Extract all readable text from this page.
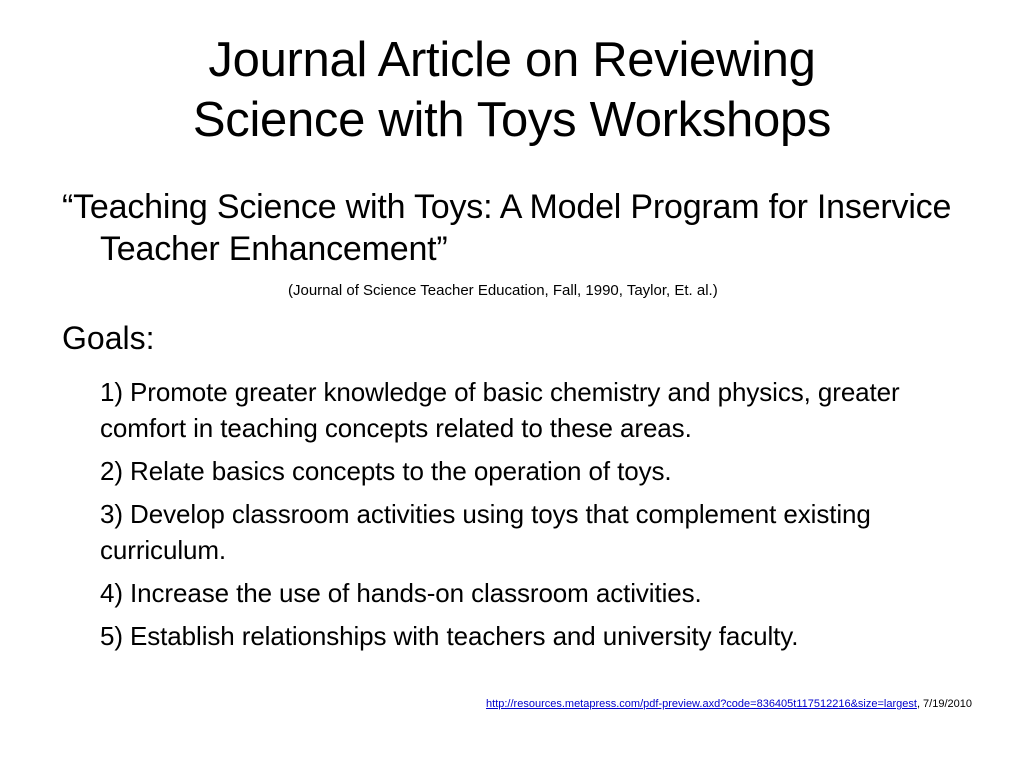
Journal Article on Reviewing
Science with Toys Workshops
“Teaching Science with Toys: A Model Program for Inservice Teacher Enhancement”
(Journal of Science Teacher Education, Fall, 1990, Taylor, Et. al.)
Goals:
1) Promote greater knowledge of basic chemistry and physics, greater comfort in teaching concepts related to these areas.
2) Relate basics concepts to the operation of toys.
3) Develop classroom activities using toys that complement existing curriculum.
4) Increase the use of hands-on classroom activities.
5) Establish relationships with teachers and university faculty.
http://resources.metapress.com/pdf-preview.axd?code=836405t117512216&size=largest, 7/19/2010
